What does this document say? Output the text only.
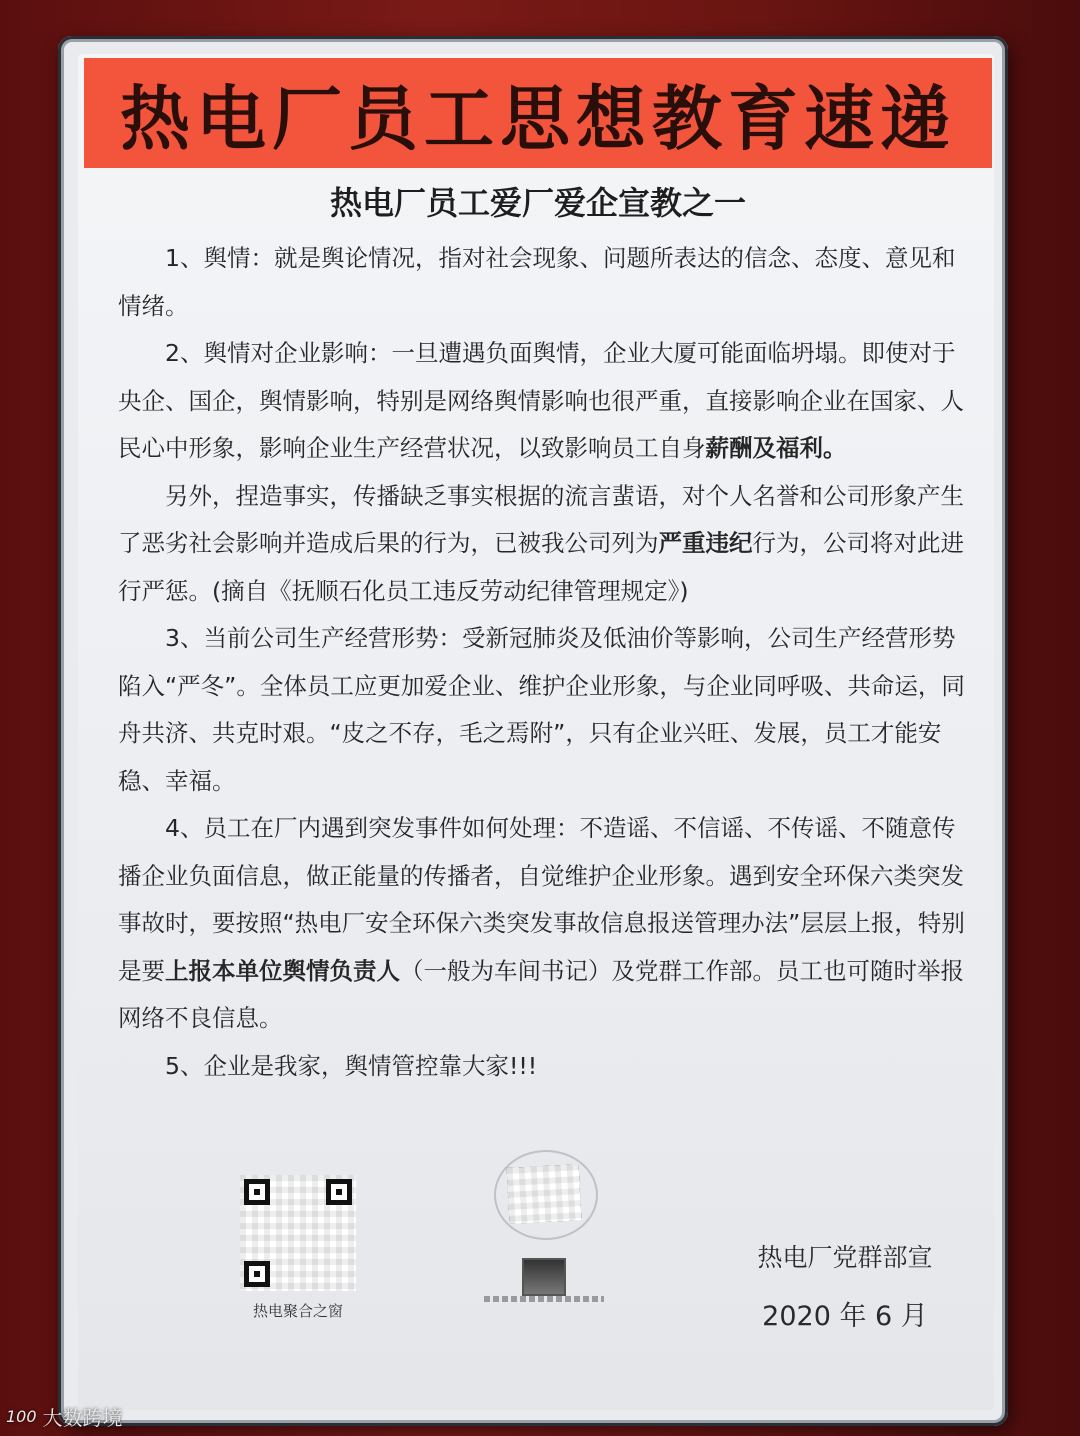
热电厂员工思想教育速递
热电厂员工爱厂爱企宣教之一

1、舆情：就是舆论情况，指对社会现象、问题所表达的信念、态度、意见和情绪。

2、舆情对企业影响：一旦遭遇负面舆情，企业大厦可能面临坍塌。即使对于央企、国企，舆情影响，特别是网络舆情影响也很严重，直接影响企业在国家、人民心中形象，影响企业生产经营状况，以致影响员工自身薪酬及福利。

另外，捏造事实，传播缺乏事实根据的流言蜚语，对个人名誉和公司形象产生了恶劣社会影响并造成后果的行为，已被我公司列为严重违纪行为，公司将对此进行严惩。(摘自《抚顺石化员工违反劳动纪律管理规定》)

3、当前公司生产经营形势：受新冠肺炎及低油价等影响，公司生产经营形势陷入“严冬”。全体员工应更加爱企业、维护企业形象，与企业同呼吸、共命运，同舟共济、共克时艰。“皮之不存，毛之焉附”，只有企业兴旺、发展，员工才能安稳、幸福。

4、员工在厂内遇到突发事件如何处理：不造谣、不信谣、不传谣、不随意传播企业负面信息，做正能量的传播者，自觉维护企业形象。遇到安全环保六类突发事故时，要按照“热电厂安全环保六类突发事故信息报送管理办法”层层上报，特别是要上报本单位舆情负责人（一般为车间书记）及党群工作部。员工也可随时举报网络不良信息。

5、企业是我家，舆情管控靠大家!!!

热电聚合之窗
热电厂党群部宣
2020 年 6 月
100 大数跨境
